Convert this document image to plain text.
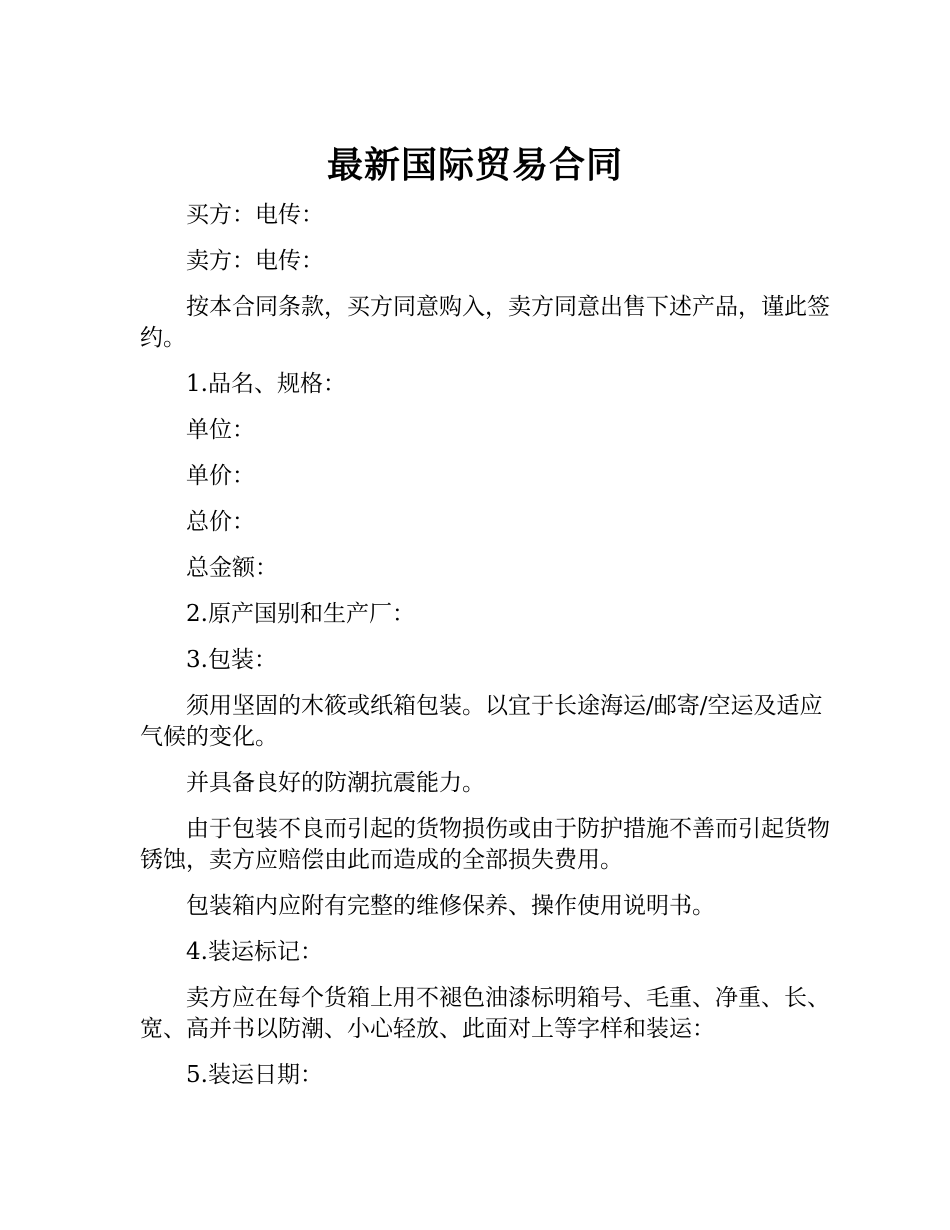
最新国际贸易合同

买方：电传：

卖方：电传：

按本合同条款，买方同意购入，卖方同意出售下述产品，谨此签约。

1.品名、规格：

单位：

单价：

总价：

总金额：

2.原产国别和生产厂：

3.包装：

须用坚固的木筱或纸箱包装。以宜于长途海运/邮寄/空运及适应气候的变化。

并具备良好的防潮抗震能力。

由于包装不良而引起的货物损伤或由于防护措施不善而引起货物锈蚀，卖方应赔偿由此而造成的全部损失费用。

包装箱内应附有完整的维修保养、操作使用说明书。

4.装运标记：

卖方应在每个货箱上用不褪色油漆标明箱号、毛重、净重、长、宽、高并书以防潮、小心轻放、此面对上等字样和装运：

5.装运日期：
